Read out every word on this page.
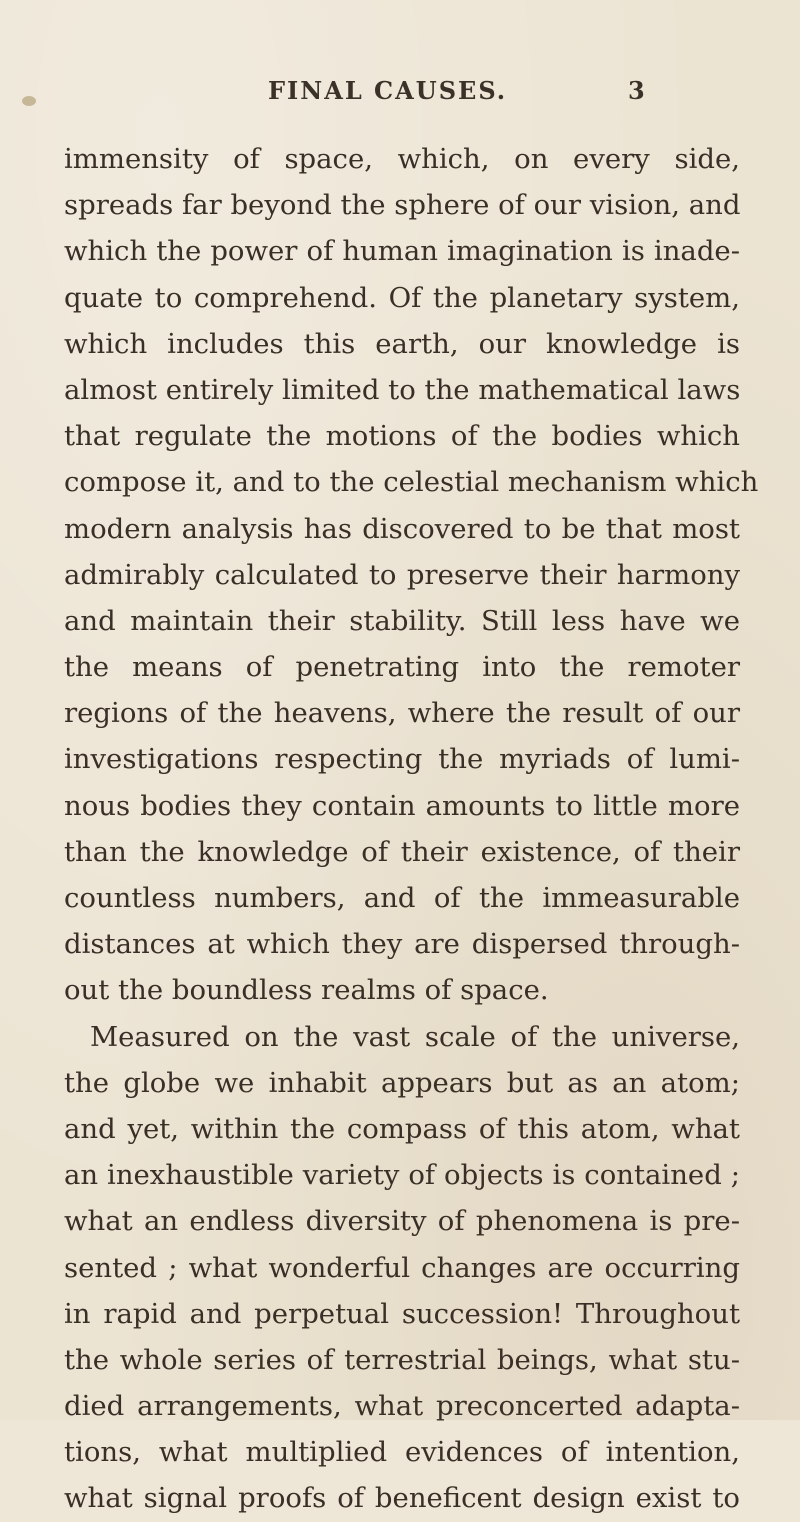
FINAL CAUSES.	3
immensity of space, which, on every side,
spreads far beyond the sphere of our vision, and
which the power of human imagination is inade-
quate to comprehend. Of the planetary system,
which includes this earth, our knowledge is
almost entirely limited to the mathematical laws
that regulate the motions of the bodies which
compose it, and to the celestial mechanism which
modern analysis has discovered to be that most
admirably calculated to preserve their harmony
and maintain their stability. Still less have we
the means of penetrating into the remoter
regions of the heavens, where the result of our
investigations respecting the myriads of lumi-
nous bodies they contain amounts to little more
than the knowledge of their existence, of their
countless numbers, and of the immeasurable
distances at which they are dispersed through-
out the boundless realms of space.
Measured on the vast scale of the universe,
the globe we inhabit appears but as an atom;
and yet, within the compass of this atom, what
an inexhaustible variety of objects is contained ;
what an endless diversity of phenomena is pre-
sented ; what wonderful changes are occurring
in rapid and perpetual succession! Throughout
the whole series of terrestrial beings, what stu-
died arrangements, what preconcerted adapta-
tions, what multiplied evidences of intention,
what signal proofs of beneficent design exist to
